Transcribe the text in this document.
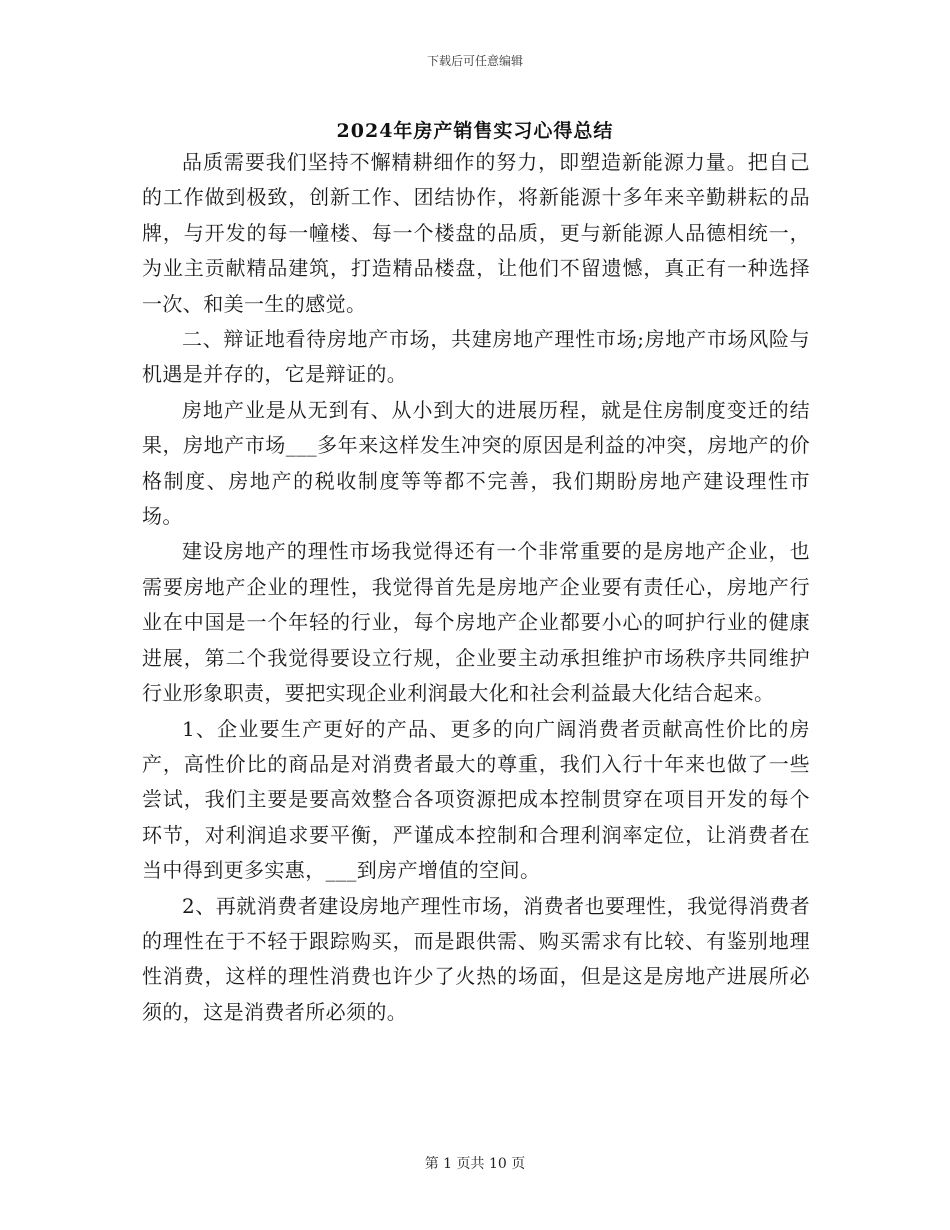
下载后可任意编辑
2024年房产销售实习心得总结

品质需要我们坚持不懈精耕细作的努力，即塑造新能源力量。把自己的工作做到极致，创新工作、团结协作，将新能源十多年来辛勤耕耘的品牌，与开发的每一幢楼、每一个楼盘的品质，更与新能源人品德相统一，为业主贡献精品建筑，打造精品楼盘，让他们不留遗憾，真正有一种选择一次、和美一生的感觉。

二、辩证地看待房地产市场，共建房地产理性市场;房地产市场风险与机遇是并存的，它是辩证的。

房地产业是从无到有、从小到大的进展历程，就是住房制度变迁的结果，房地产市场___多年来这样发生冲突的原因是利益的冲突，房地产的价格制度、房地产的税收制度等等都不完善，我们期盼房地产建设理性市场。

建设房地产的理性市场我觉得还有一个非常重要的是房地产企业，也需要房地产企业的理性，我觉得首先是房地产企业要有责任心，房地产行业在中国是一个年轻的行业，每个房地产企业都要小心的呵护行业的健康进展，第二个我觉得要设立行规，企业要主动承担维护市场秩序共同维护行业形象职责，要把实现企业利润最大化和社会利益最大化结合起来。

1、企业要生产更好的产品、更多的向广阔消费者贡献高性价比的房产，高性价比的商品是对消费者最大的尊重，我们入行十年来也做了一些尝试，我们主要是要高效整合各项资源把成本控制贯穿在项目开发的每个环节，对利润追求要平衡，严谨成本控制和合理利润率定位，让消费者在当中得到更多实惠，___到房产增值的空间。

2、再就消费者建设房地产理性市场，消费者也要理性，我觉得消费者的理性在于不轻于跟踪购买，而是跟供需、购买需求有比较、有鉴别地理性消费，这样的理性消费也许少了火热的场面，但是这是房地产进展所必须的，这是消费者所必须的。

第 1 页共 10 页
